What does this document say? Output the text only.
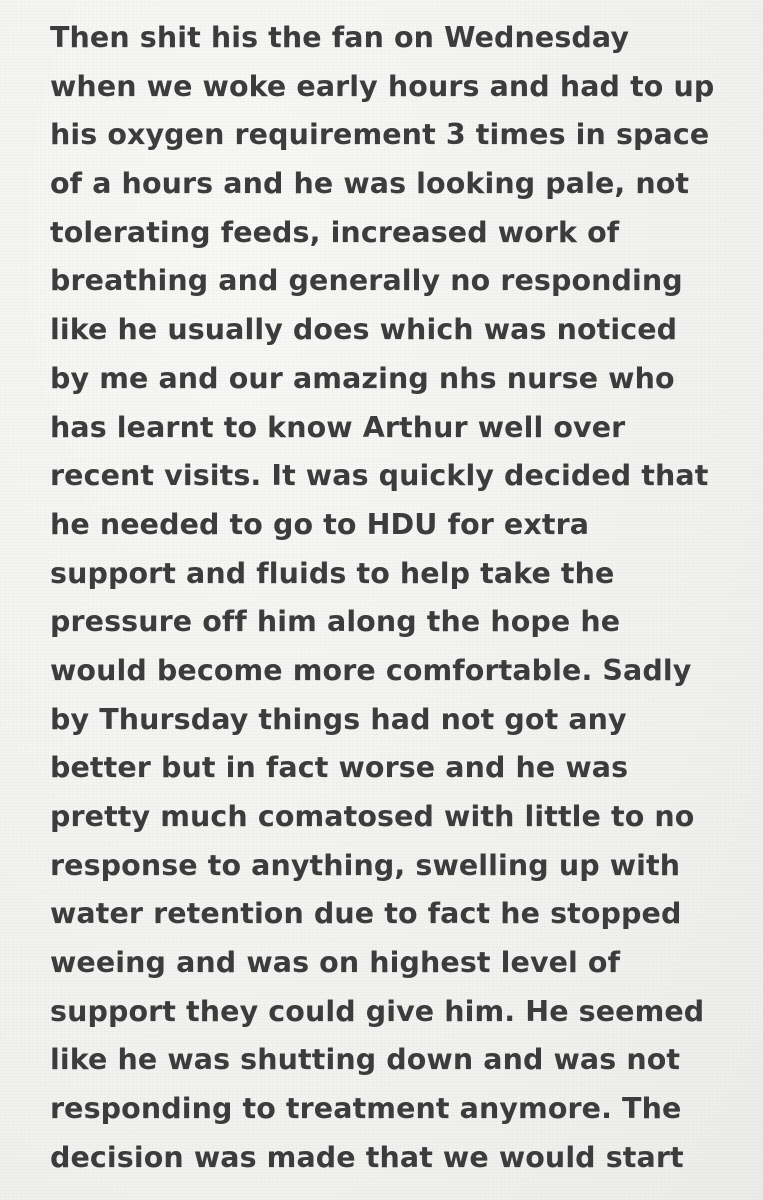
Then shit his the fan on Wednesday
when we woke early hours and had to up
his oxygen requirement 3 times in space
of a hours and he was looking pale, not
tolerating feeds, increased work of
breathing and generally no responding
like he usually does which was noticed
by me and our amazing nhs nurse who
has learnt to know Arthur well over
recent visits. It was quickly decided that
he needed to go to HDU for extra
support and fluids to help take the
pressure off him along the hope he
would become more comfortable. Sadly
by Thursday things had not got any
better but in fact worse and he was
pretty much comatosed with little to no
response to anything, swelling up with
water retention due to fact he stopped
weeing and was on highest level of
support they could give him. He seemed
like he was shutting down and was not
responding to treatment anymore. The
decision was made that we would start
